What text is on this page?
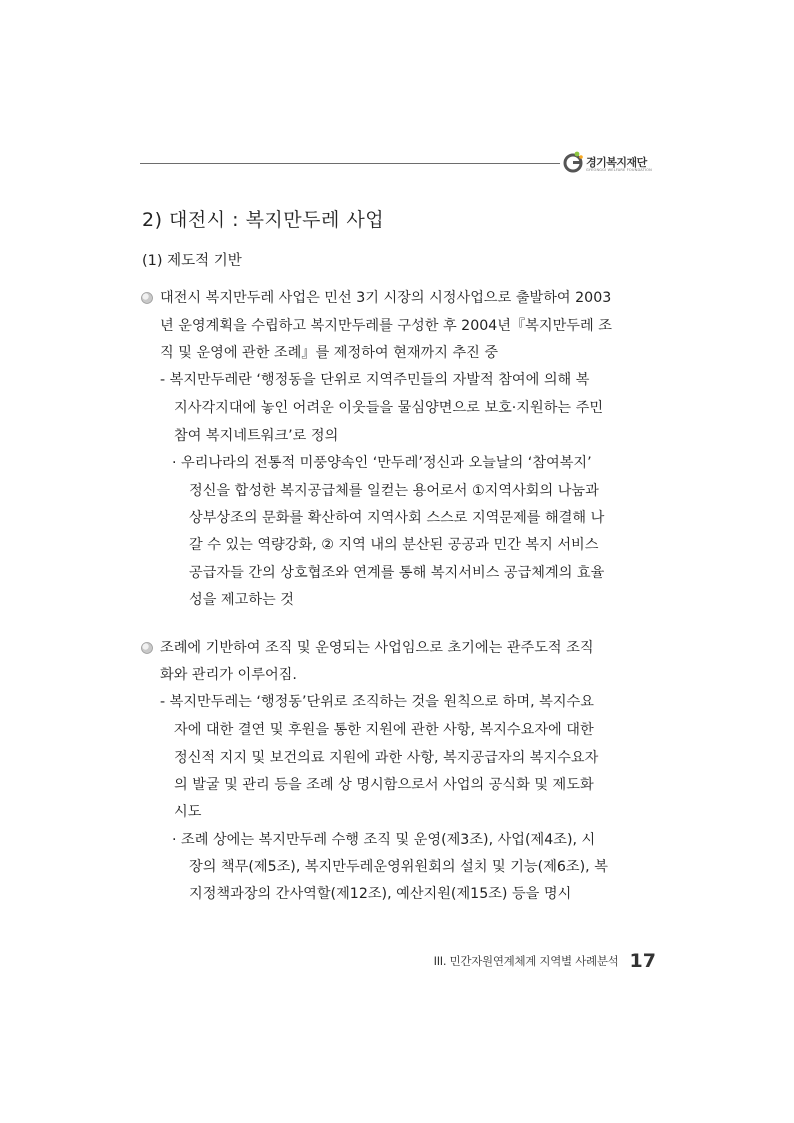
경기복지재단
GYEONGGI WELFARE FOUNDATION
2) 대전시 : 복지만두레 사업
(1) 제도적 기반
대전시 복지만두레 사업은 민선 3기 시장의 시정사업으로 출발하여 2003
년 운영계획을 수립하고 복지만두레를 구성한 후 2004년『복지만두레 조
직 및 운영에 관한 조례』를 제정하여 현재까지 추진 중
- 복지만두레란 ‘행정동을 단위로 지역주민들의 자발적 참여에 의해 복
지사각지대에 놓인 어려운 이웃들을 물심양면으로 보호·지원하는 주민
참여 복지네트워크’로 정의
· 우리나라의 전통적 미풍양속인 ‘만두레’정신과 오늘날의 ‘참여복지’
정신을 합성한 복지공급체를 일컫는 용어로서 ①지역사회의 나눔과
상부상조의 문화를 확산하여 지역사회 스스로 지역문제를 해결해 나
갈 수 있는 역량강화, ② 지역 내의 분산된 공공과 민간 복지 서비스
공급자들 간의 상호협조와 연계를 통해 복지서비스 공급체계의 효율
성을 제고하는 것
조례에 기반하여 조직 및 운영되는 사업임으로 초기에는 관주도적 조직
화와 관리가 이루어짐.
- 복지만두레는 ‘행정동’단위로 조직하는 것을 원칙으로 하며, 복지수요
자에 대한 결연 및 후원을 통한 지원에 관한 사항, 복지수요자에 대한
정신적 지지 및 보건의료 지원에 과한 사항, 복지공급자의 복지수요자
의 발굴 및 관리 등을 조례 상 명시함으로서 사업의 공식화 및 제도화
시도
· 조례 상에는 복지만두레 수행 조직 및 운영(제3조), 사업(제4조), 시
장의 책무(제5조), 복지만두레운영위원회의 설치 및 기능(제6조), 복
지정책과장의 간사역할(제12조), 예산지원(제15조) 등을 명시
III. 민간자원연계체계 지역별 사례분석 17
